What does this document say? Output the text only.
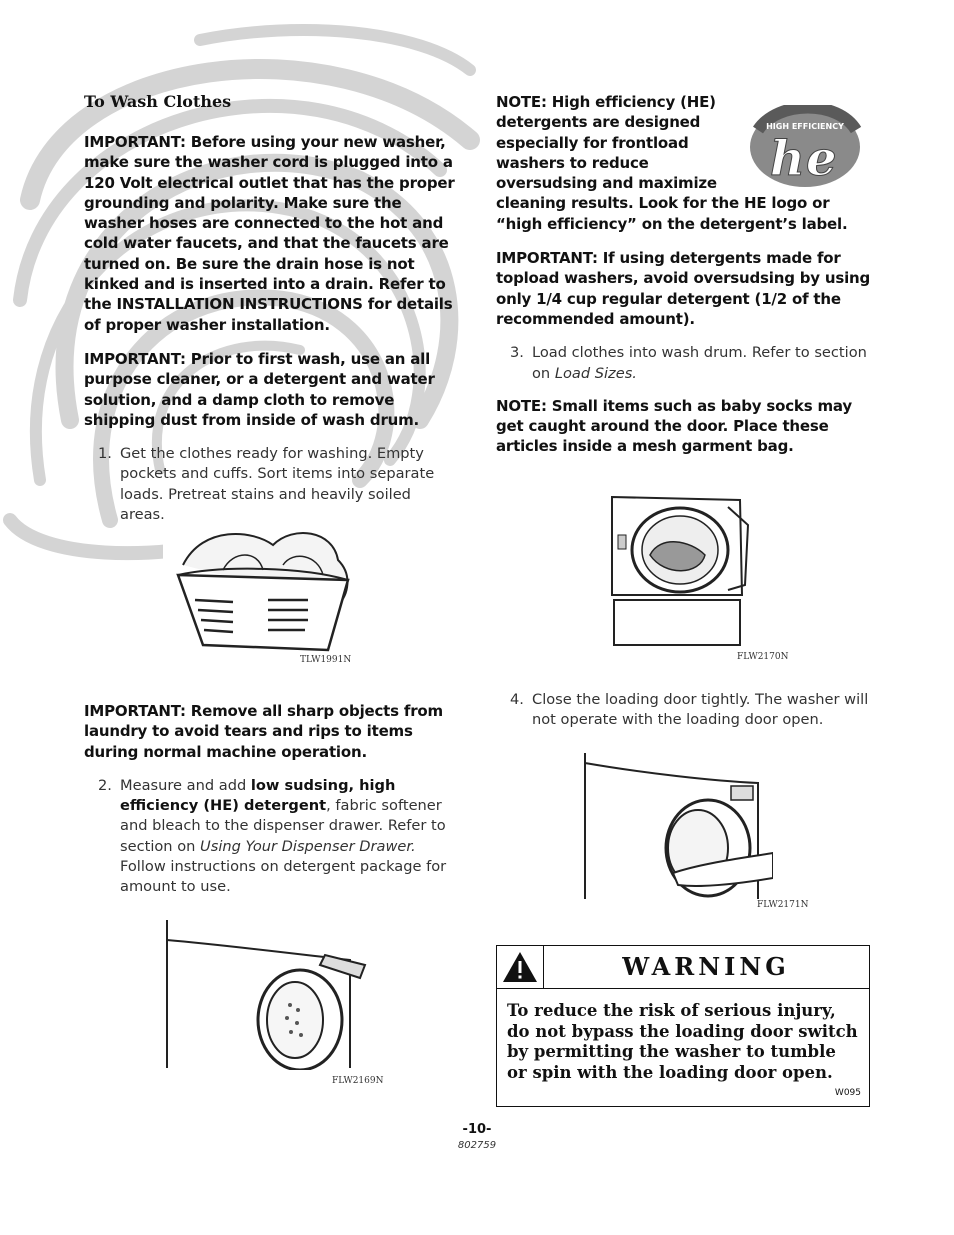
To Wash Clothes

IMPORTANT: Before using your new washer, make sure the washer cord is plugged into a 120 Volt electrical outlet that has the proper grounding and polarity. Make sure the washer hoses are connected to the hot and cold water faucets, and that the faucets are turned on. Be sure the drain hose is not kinked and is inserted into a drain. Refer to the INSTALLATION INSTRUCTIONS for details of proper washer installation.

IMPORTANT: Prior to first wash, use an all purpose cleaner, or a detergent and water solution, and a damp cloth to remove shipping dust from inside of wash drum.

1. Get the clothes ready for washing. Empty pockets and cuffs. Sort items into separate loads. Pretreat stains and heavily soiled areas.
TLW1991N

IMPORTANT: Remove all sharp objects from laundry to avoid tears and rips to items during normal machine operation.

2. Measure and add low sudsing, high efficiency (HE) detergent, fabric softener and bleach to the dispenser drawer. Refer to section on Using Your Dispenser Drawer. Follow instructions on detergent package for amount to use.
FLW2169N

NOTE: High efficiency (HE) detergents are designed especially for frontload washers to reduce oversudsing and maximize cleaning results. Look for the HE logo or “high efficiency” on the detergent’s label.

IMPORTANT: If using detergents made for topload washers, avoid oversudsing by using only 1/4 cup regular detergent (1/2 of the recommended amount).

3. Load clothes into wash drum. Refer to section on Load Sizes.

NOTE: Small items such as baby socks may get caught around the door. Place these articles inside a mesh garment bag.

HIGH EFFICIENCY
h e
FLW2170N
4. Close the loading door tightly. The washer will not operate with the loading door open.
FLW2171N
WARNING
To reduce the risk of serious injury, do not bypass the loading door switch by permitting the washer to tumble or spin with the loading door open.
W095
-10-
802759
